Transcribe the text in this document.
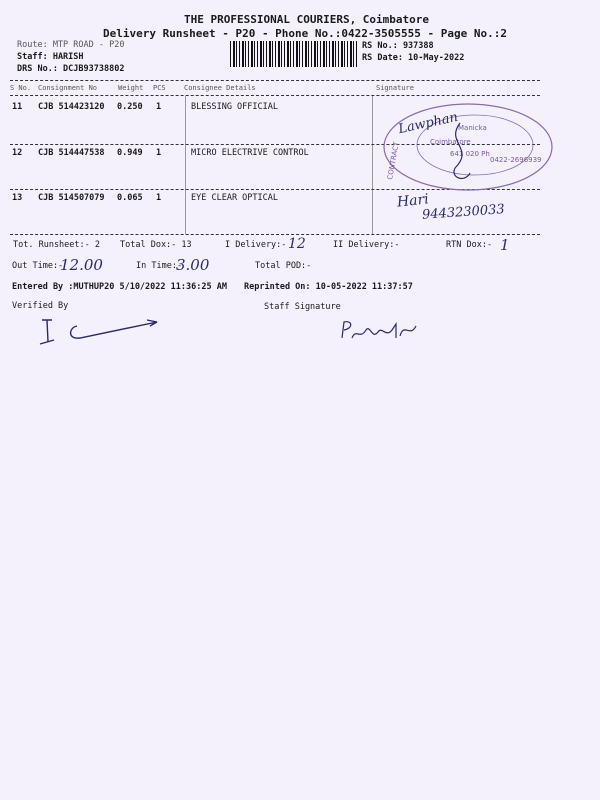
THE PROFESSIONAL COURIERS, Coimbatore
Delivery Runsheet - P20 - Phone No.:0422-3505555 - Page No.:2
Route: MTP ROAD - P20
Staff: HARISH
DRS No.: DCJB93738802
RS No.: 937388
RS Date: 10-May-2022
S No. Consignment No	Weight PCS	Consignee Details	Signature
11 CJB 514423120 0.250 1	BLESSING OFFICIAL
12 CJB 514447538 0.949 1	MICRO ELECTRIVE CONTROL
13 CJB 514507079 0.065 1	EYE CLEAR OPTICAL
Manicka
Coimbatore
641 020 Ph
0422-2696939
CONTRACT
Lawphan
Hari
9443230033
Tot. Runsheet:- 2 Total Dox:- 13	I Delivery:- 12	II Delivery:-	RTN Dox:- 1
Out Time:-
12.00	In Time:-
3.00	Total POD:-
Entered By :MUTHUP20 5/10/2022 11:36:25 AM Reprinted On: 10-05-2022 11:37:57
Verified By	Staff Signature
